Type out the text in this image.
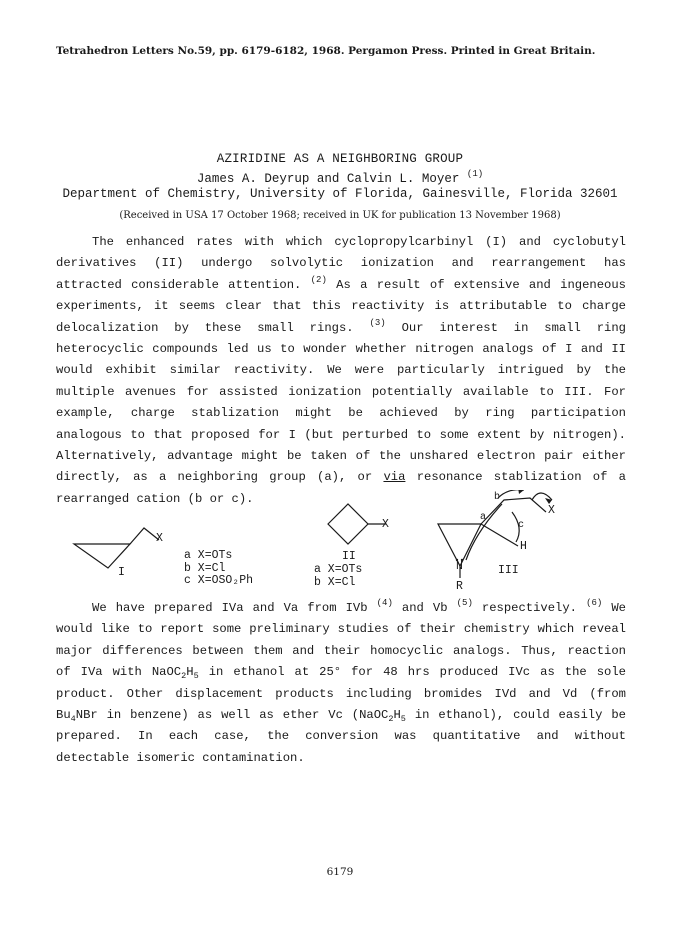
Tetrahedron Letters No.59, pp. 6179-6182, 1968. Pergamon Press. Printed in Great Britain.
AZIRIDINE AS A NEIGHBORING GROUP
James A. Deyrup and Calvin L. Moyer $^{(1)}$
Department of Chemistry, University of Florida, Gainesville, Florida 32601
(Received in USA 17 October 1968; received in UK for publication 13 November 1968)
The enhanced rates with which cyclopropylcarbinyl (I) and cyclobutyl derivatives (II) undergo solvolytic ionization and rearrangement has attracted considerable attention. $^{(2)}$ As a result of extensive and ingeneous experiments, it seems clear that this reactivity is attributable to charge delocalization by these small rings. $^{(3)}$ Our interest in small ring heterocyclic compounds led us to wonder whether nitrogen analogs of I and II would exhibit similar reactivity. We were particularly intrigued by the multiple avenues for assisted ionization potentially available to III. For example, charge stablization might be achieved by ring participation analogous to that proposed for I (but perturbed to some extent by nitrogen). Alternatively, advantage might be taken of the unshared electron pair either directly, as a neighboring group (a), or via resonance stablization of a rearranged cation (b or c).
X
I
a X=OTs
b X=Cl
c X=OSO₂Ph
X
II
a X=OTs
b X=Cl
b
X
a
c
H
N
R
III
We have prepared IVa and Va from IVb $^{(4)}$ and Vb $^{(5)}$ respectively. $^{(6)}$ We would like to report some preliminary studies of their chemistry which reveal major differences between them and their homocyclic analogs. Thus, reaction of IVa with $NaOC_2H_5$ in ethanol at 25° for 48 hrs produced IVc as the sole product. Other displacement products including bromides IVd and Vd (from $Bu_4NBr$ in benzene) as well as ether Vc ($NaOC_2H_5$ in ethanol), could easily be prepared. In each case, the conversion was quantitative and without detectable isomeric contamination.
6179
